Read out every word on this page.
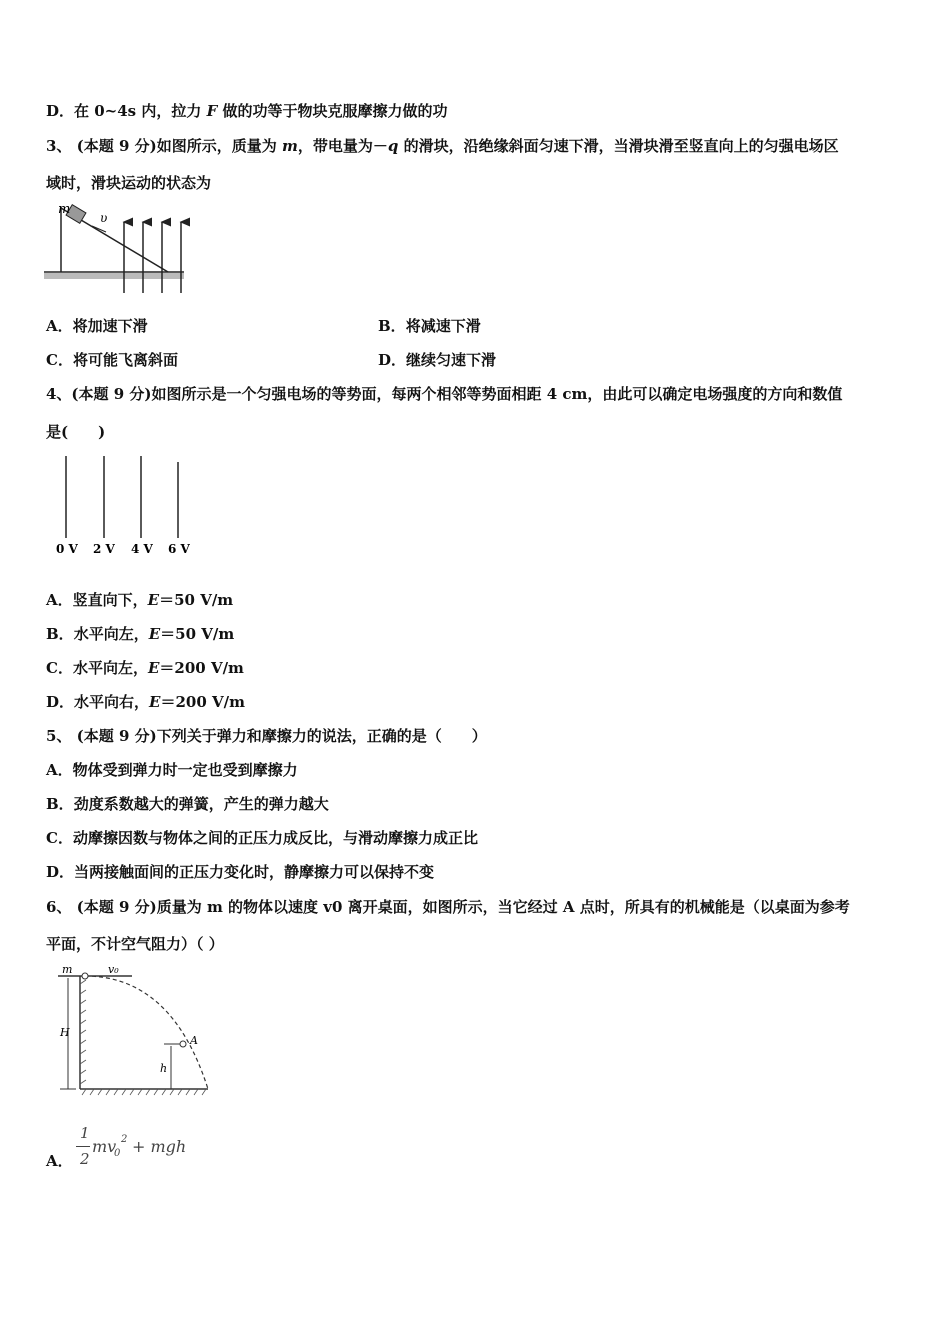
D．在 0~4s 内，拉力 F 做的功等于物块克服摩擦力做的功
3、 (本题 9 分)如图所示，质量为 m，带电量为－q 的滑块，沿绝缘斜面匀速下滑，当滑块滑至竖直向上的匀强电场区
域时，滑块运动的状态为
m
υ
A．将加速下滑	B．将减速下滑
C．将可能飞离斜面	D．继续匀速下滑
4、(本题 9 分)如图所示是一个匀强电场的等势面，每两个相邻等势面相距 4 cm，由此可以确定电场强度的方向和数值
是(　　)
0 V 2 V 4 V 6 V
A．竖直向下，E＝50 V/m
B．水平向左，E＝50 V/m
C．水平向左，E＝200 V/m
D．水平向右，E＝200 V/m
5、 (本题 9 分)下列关于弹力和摩擦力的说法，正确的是（　　）
A．物体受到弹力时一定也受到摩擦力
B．劲度系数越大的弹簧，产生的弹力越大
C．动摩擦因数与物体之间的正压力成反比，与滑动摩擦力成正比
D．当两接触面间的正压力变化时，静摩擦力可以保持不变
6、 (本题 9 分)质量为 m 的物体以速度 v0 离开桌面，如图所示，当它经过 A 点时，所具有的机械能是（以桌面为参考
平面，不计空气阻力）（ ）
H
h
A
m	v₀
A．
1
2
mv
0
2 + mgh
